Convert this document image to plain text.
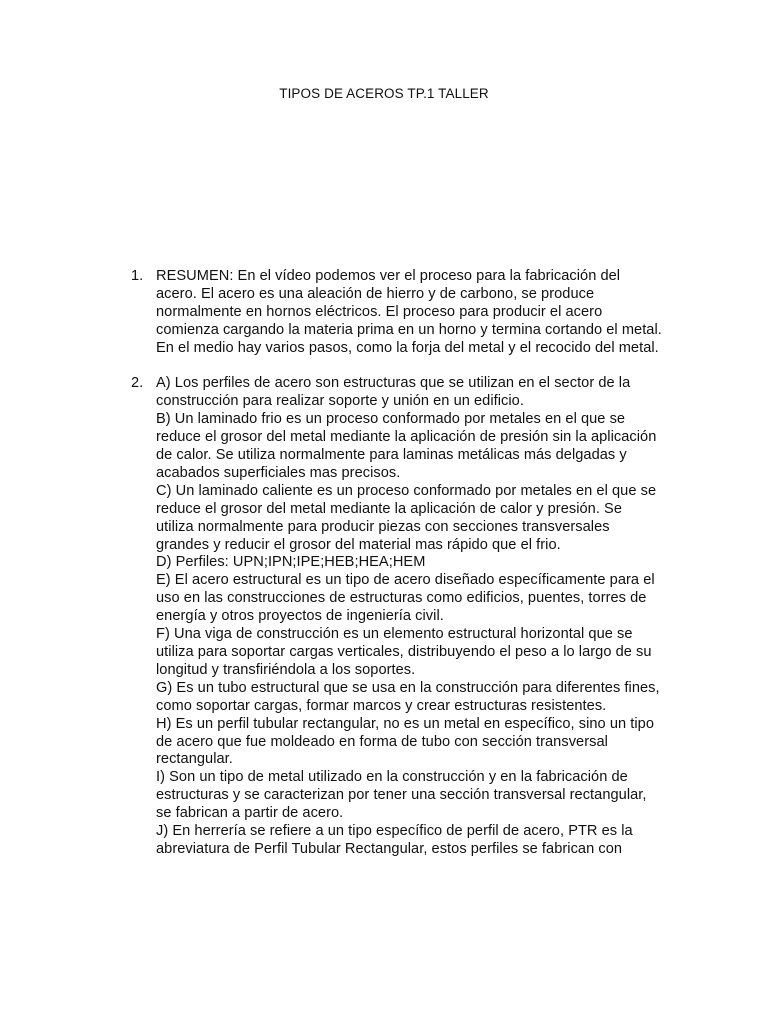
TIPOS DE ACEROS TP.1 TALLER
1. RESUMEN: En el vídeo podemos ver el proceso para la fabricación del acero. El acero es una aleación de hierro y de carbono, se produce normalmente en hornos eléctricos. El proceso para producir el acero comienza cargando la materia prima en un horno y termina cortando el metal. En el medio hay varios pasos, como la forja del metal y el recocido del metal.
2. A) Los perfiles de acero son estructuras que se utilizan en el sector de la construcción para realizar soporte y unión en un edificio.
B) Un laminado frio es un proceso conformado por metales en el que se reduce el grosor del metal mediante la aplicación de presión sin la aplicación de calor. Se utiliza normalmente para laminas metálicas más delgadas y acabados superficiales mas precisos.
C) Un laminado caliente es un proceso conformado por metales en el que se reduce el grosor del metal mediante la aplicación de calor y presión. Se utiliza normalmente para producir piezas con secciones transversales grandes y reducir el grosor del material mas rápido que el frio.
D) Perfiles: UPN;IPN;IPE;HEB;HEA;HEM
E) El acero estructural es un tipo de acero diseñado específicamente para el uso en las construcciones de estructuras como edificios, puentes, torres de energía y otros proyectos de ingeniería civil.
F) Una viga de construcción es un elemento estructural horizontal que se utiliza para soportar cargas verticales, distribuyendo el peso a lo largo de su longitud y transfiriéndola a los soportes.
G) Es un tubo estructural que se usa en la construcción para diferentes fines, como soportar cargas, formar marcos y crear estructuras resistentes.
H) Es un perfil tubular rectangular, no es un metal en específico, sino un tipo de acero que fue moldeado en forma de tubo con sección transversal rectangular.
I) Son un tipo de metal utilizado en la construcción y en la fabricación de estructuras y se caracterizan por tener una sección transversal rectangular, se fabrican a partir de acero.
J) En herrería se refiere a un tipo específico de perfil de acero, PTR es la abreviatura de Perfil Tubular Rectangular, estos perfiles se fabrican con
